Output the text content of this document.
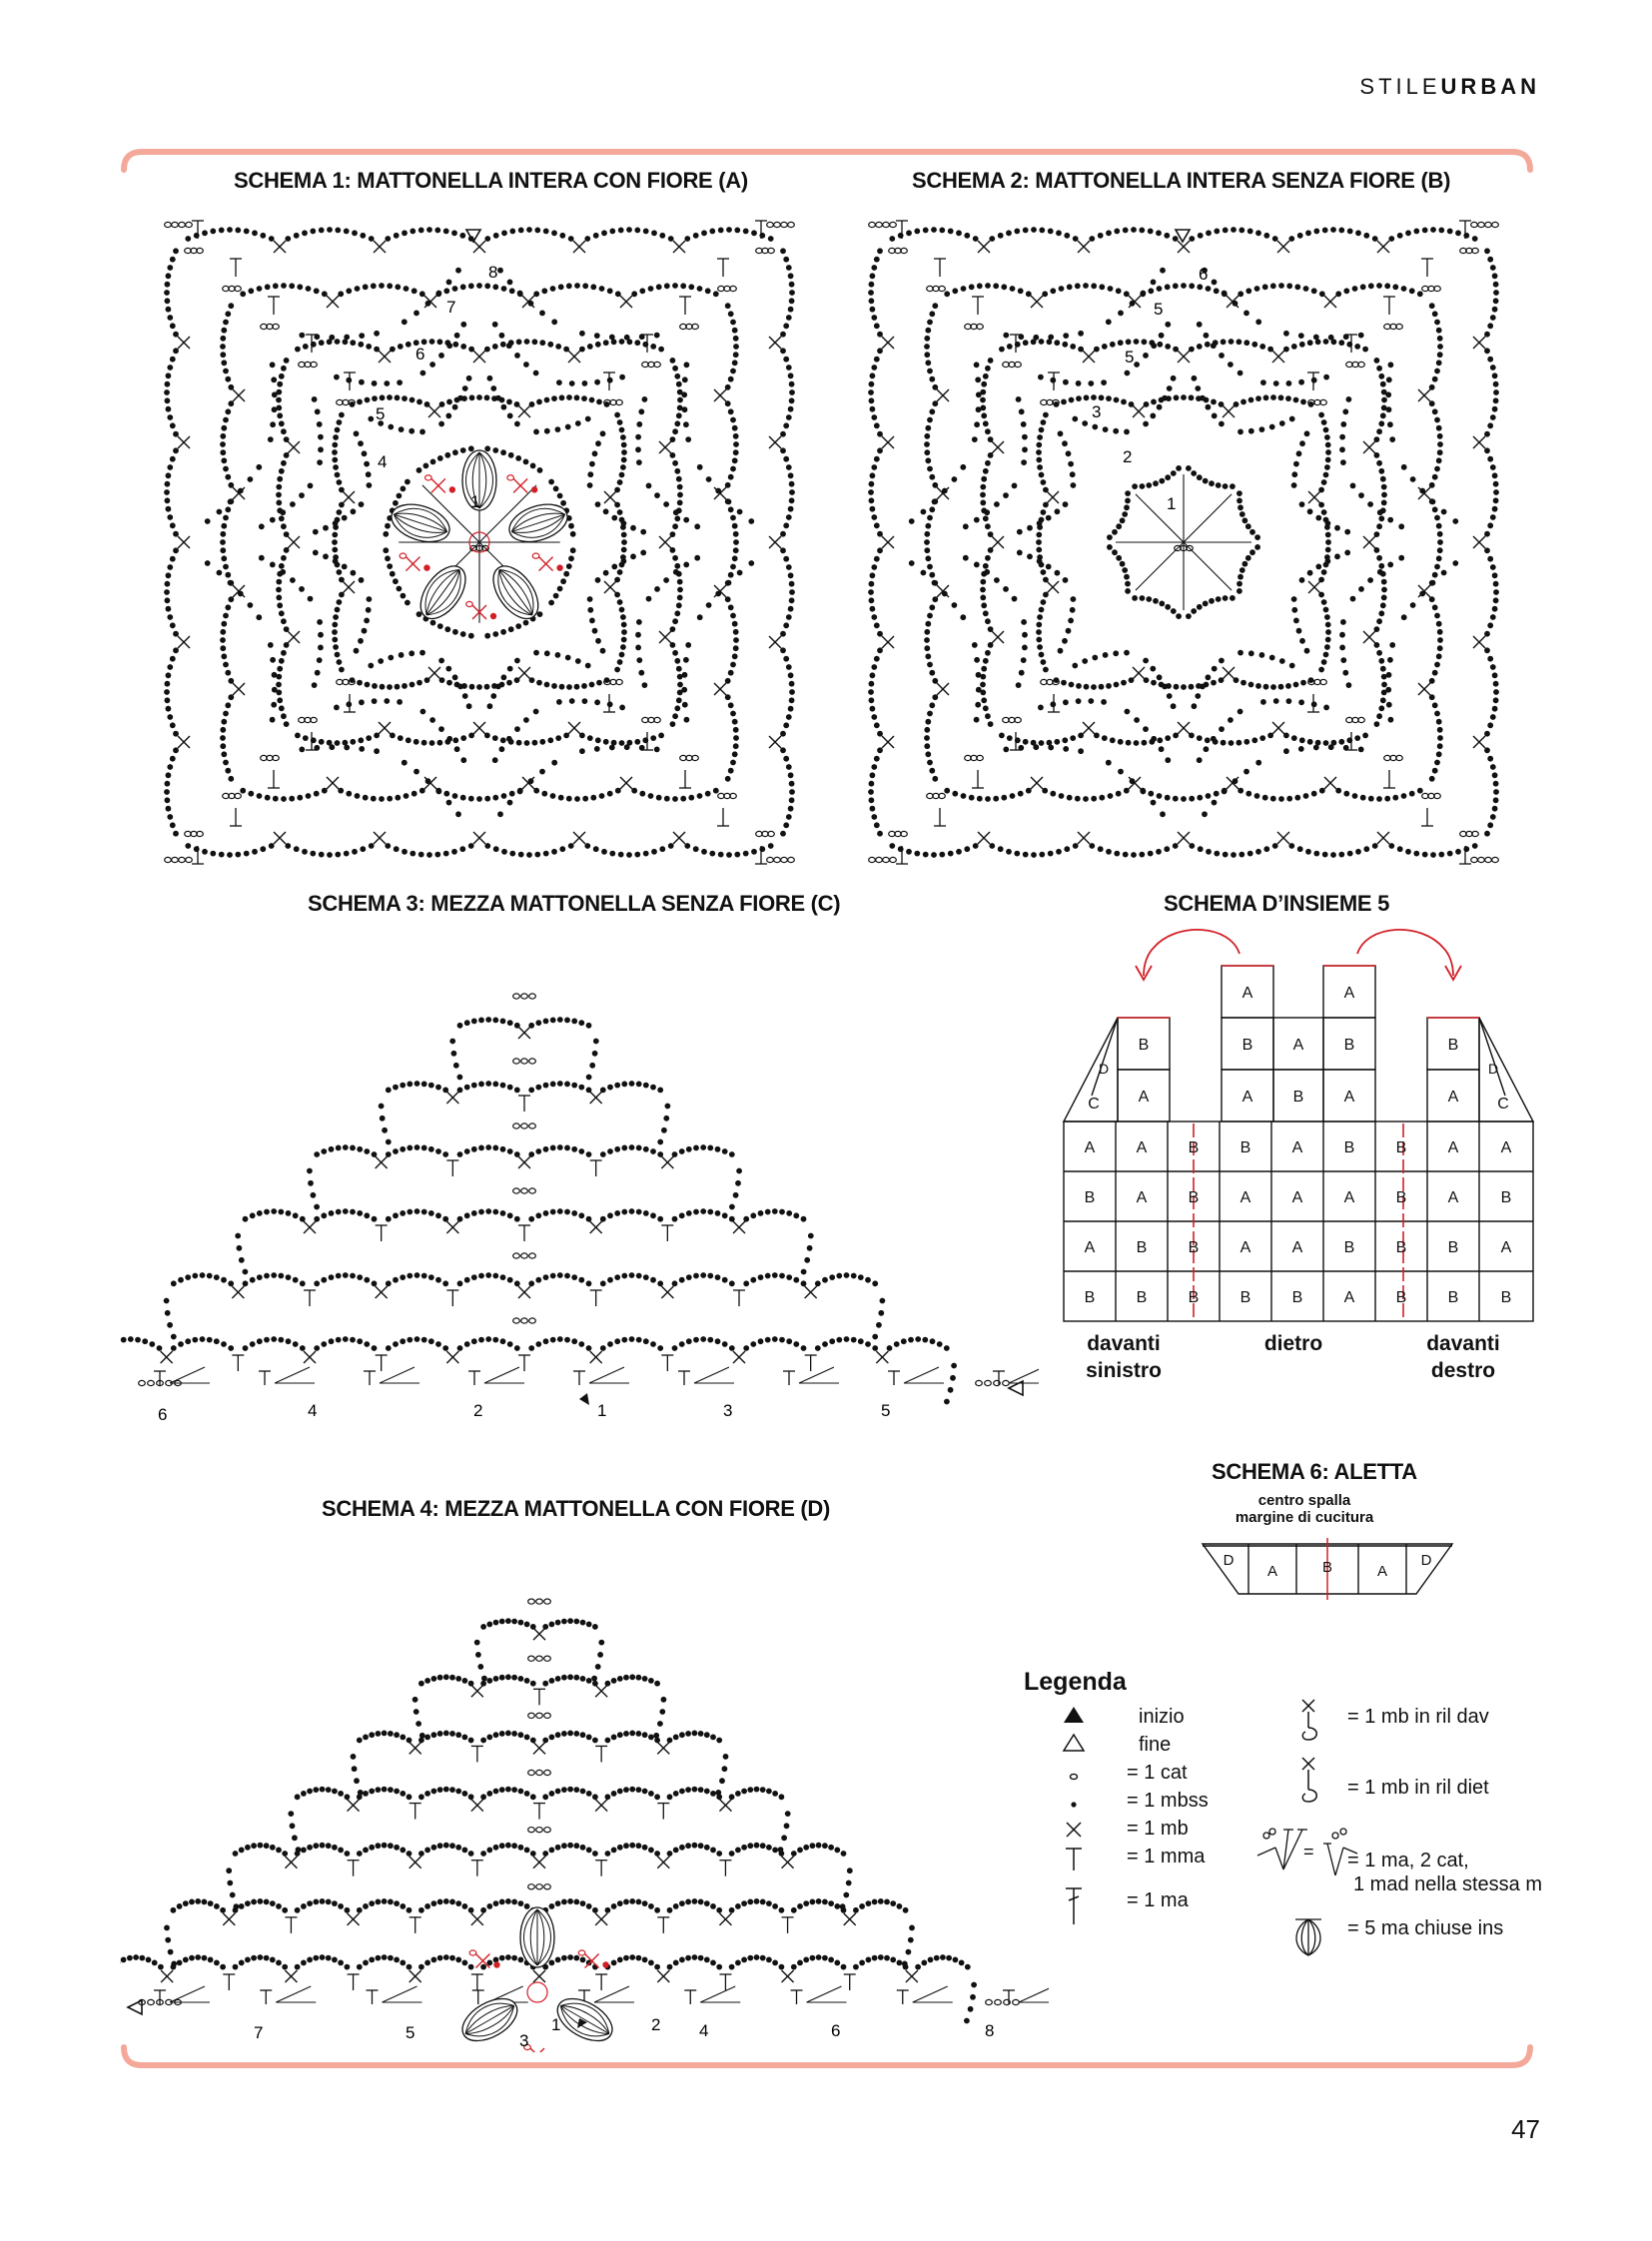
STILEURBAN
SCHEMA 1: MATTONELLA INTERA CON FIORE (A)	SCHEMA 2: MATTONELLA INTERA SENZA FIORE (B)
SCHEMA 3: MEZZA MATTONELLA SENZA FIORE (C)	SCHEMA D’INSIEME 5
SCHEMA 4: MEZZA MATTONELLA CON FIORE (D)
SCHEMA 6: ALETTA
1
4
5
6
7
8
1
2
3
5
5
6
6	4	2	1	3	5
7	5	3
1	2 4	6	8
A	A
B	B	A	B	B
A	A	B	A	A
D
C
D
C
A	A	B	B	A	B	B	A	A
B	A	B	A	A	A	B	A	B
A	B	B	A	A	B	B	B	A
B	B	B	B	B	A	B	B	B
davanti
sinistro
dietro	davanti
destro
centro spalla
margine di cucitura
D
A	B	A
D
Legenda
inizio
fine
= 1 cat
= 1 mbss
= 1 mb
= 1 mma
= 1 ma
=
= 1 mb in ril dav
= 1 mb in ril diet
= 1 ma, 2 cat,
1 mad nella stessa m
= 5 ma chiuse ins
47
